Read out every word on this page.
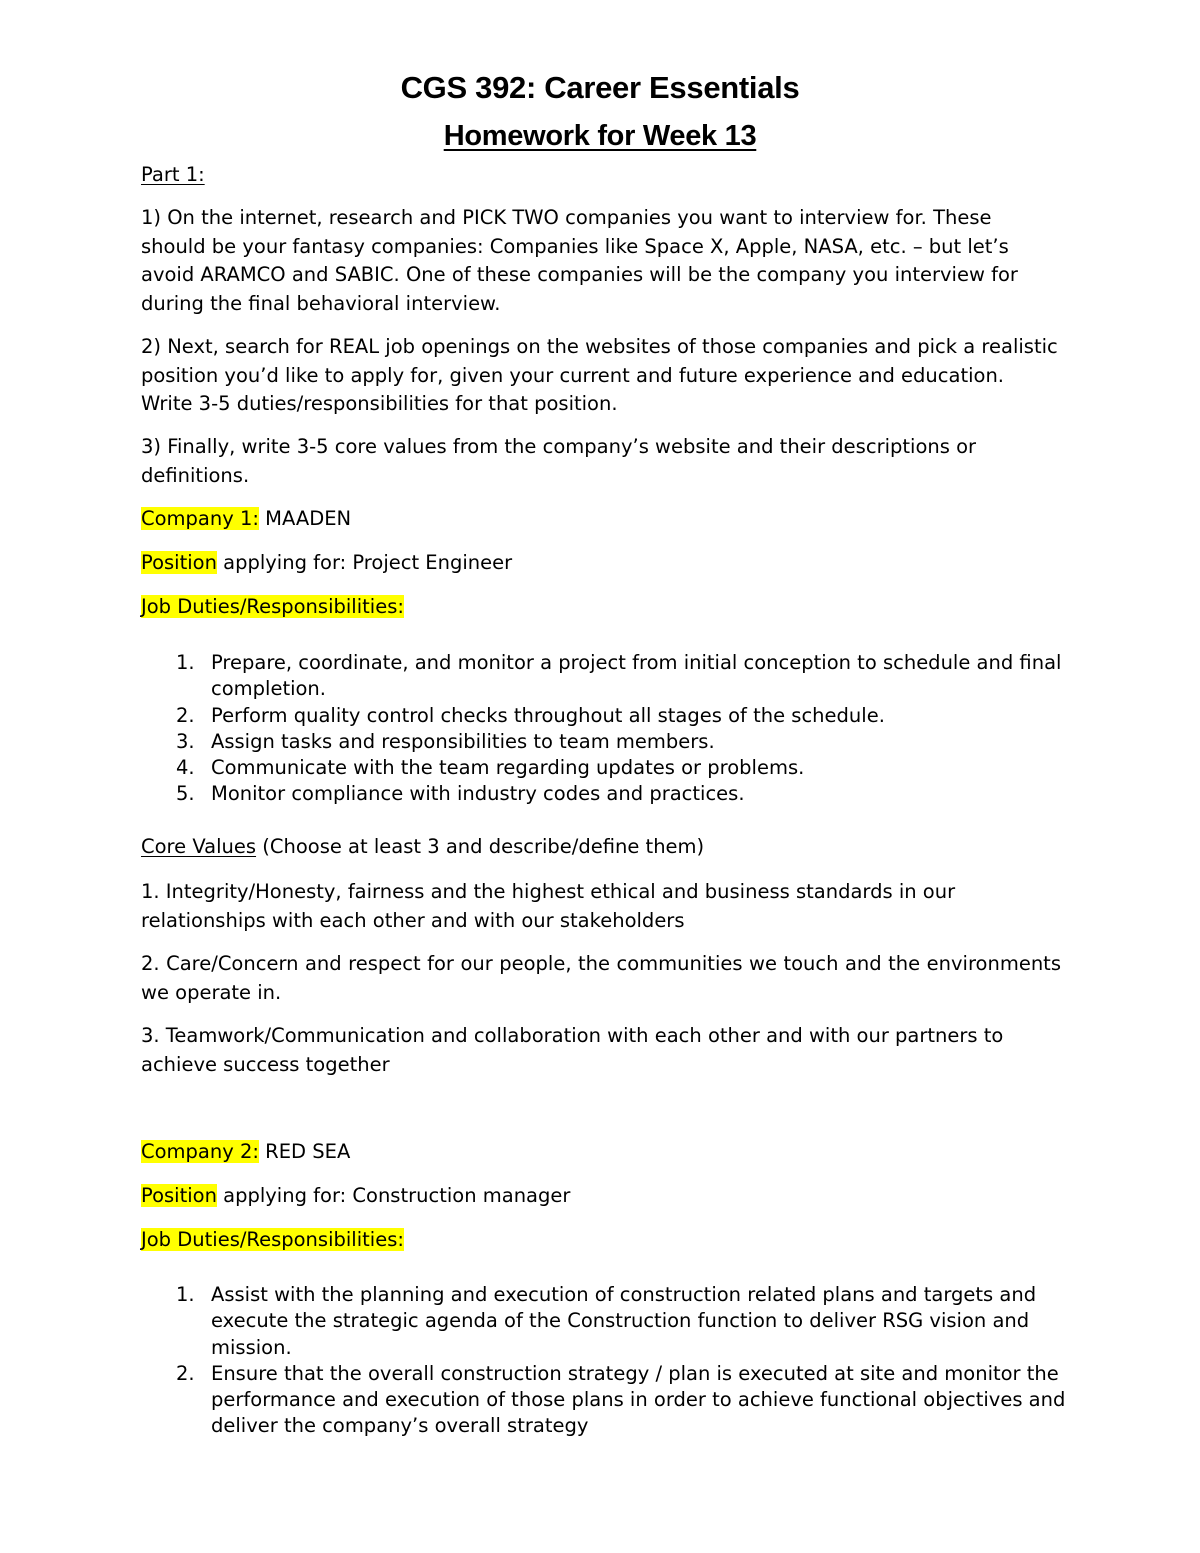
CGS 392: Career Essentials
Homework for Week 13

Part 1:

1) On the internet, research and PICK TWO companies you want to interview for. These should be your fantasy companies: Companies like Space X, Apple, NASA, etc. – but let’s avoid ARAMCO and SABIC. One of these companies will be the company you interview for during the final behavioral interview.

2) Next, search for REAL job openings on the websites of those companies and pick a realistic position you’d like to apply for, given your current and future experience and education. Write 3-5 duties/responsibilities for that position.

3) Finally, write 3-5 core values from the company’s website and their descriptions or definitions.

Company 1: MAADEN

Position applying for: Project Engineer

Job Duties/Responsibilities:

1. Prepare, coordinate, and monitor a project from initial conception to schedule and final completion.
2. Perform quality control checks throughout all stages of the schedule.
3. Assign tasks and responsibilities to team members.
4. Communicate with the team regarding updates or problems.
5. Monitor compliance with industry codes and practices.

Core Values (Choose at least 3 and describe/define them)

1. Integrity/Honesty, fairness and the highest ethical and business standards in our relationships with each other and with our stakeholders

2. Care/Concern and respect for our people, the communities we touch and the environments we operate in.

3. Teamwork/Communication and collaboration with each other and with our partners to achieve success together

Company 2: RED SEA

Position applying for: Construction manager

Job Duties/Responsibilities:

1. Assist with the planning and execution of construction related plans and targets and execute the strategic agenda of the Construction function to deliver RSG vision and mission.
2. Ensure that the overall construction strategy / plan is executed at site and monitor the performance and execution of those plans in order to achieve functional objectives and deliver the company’s overall strategy
